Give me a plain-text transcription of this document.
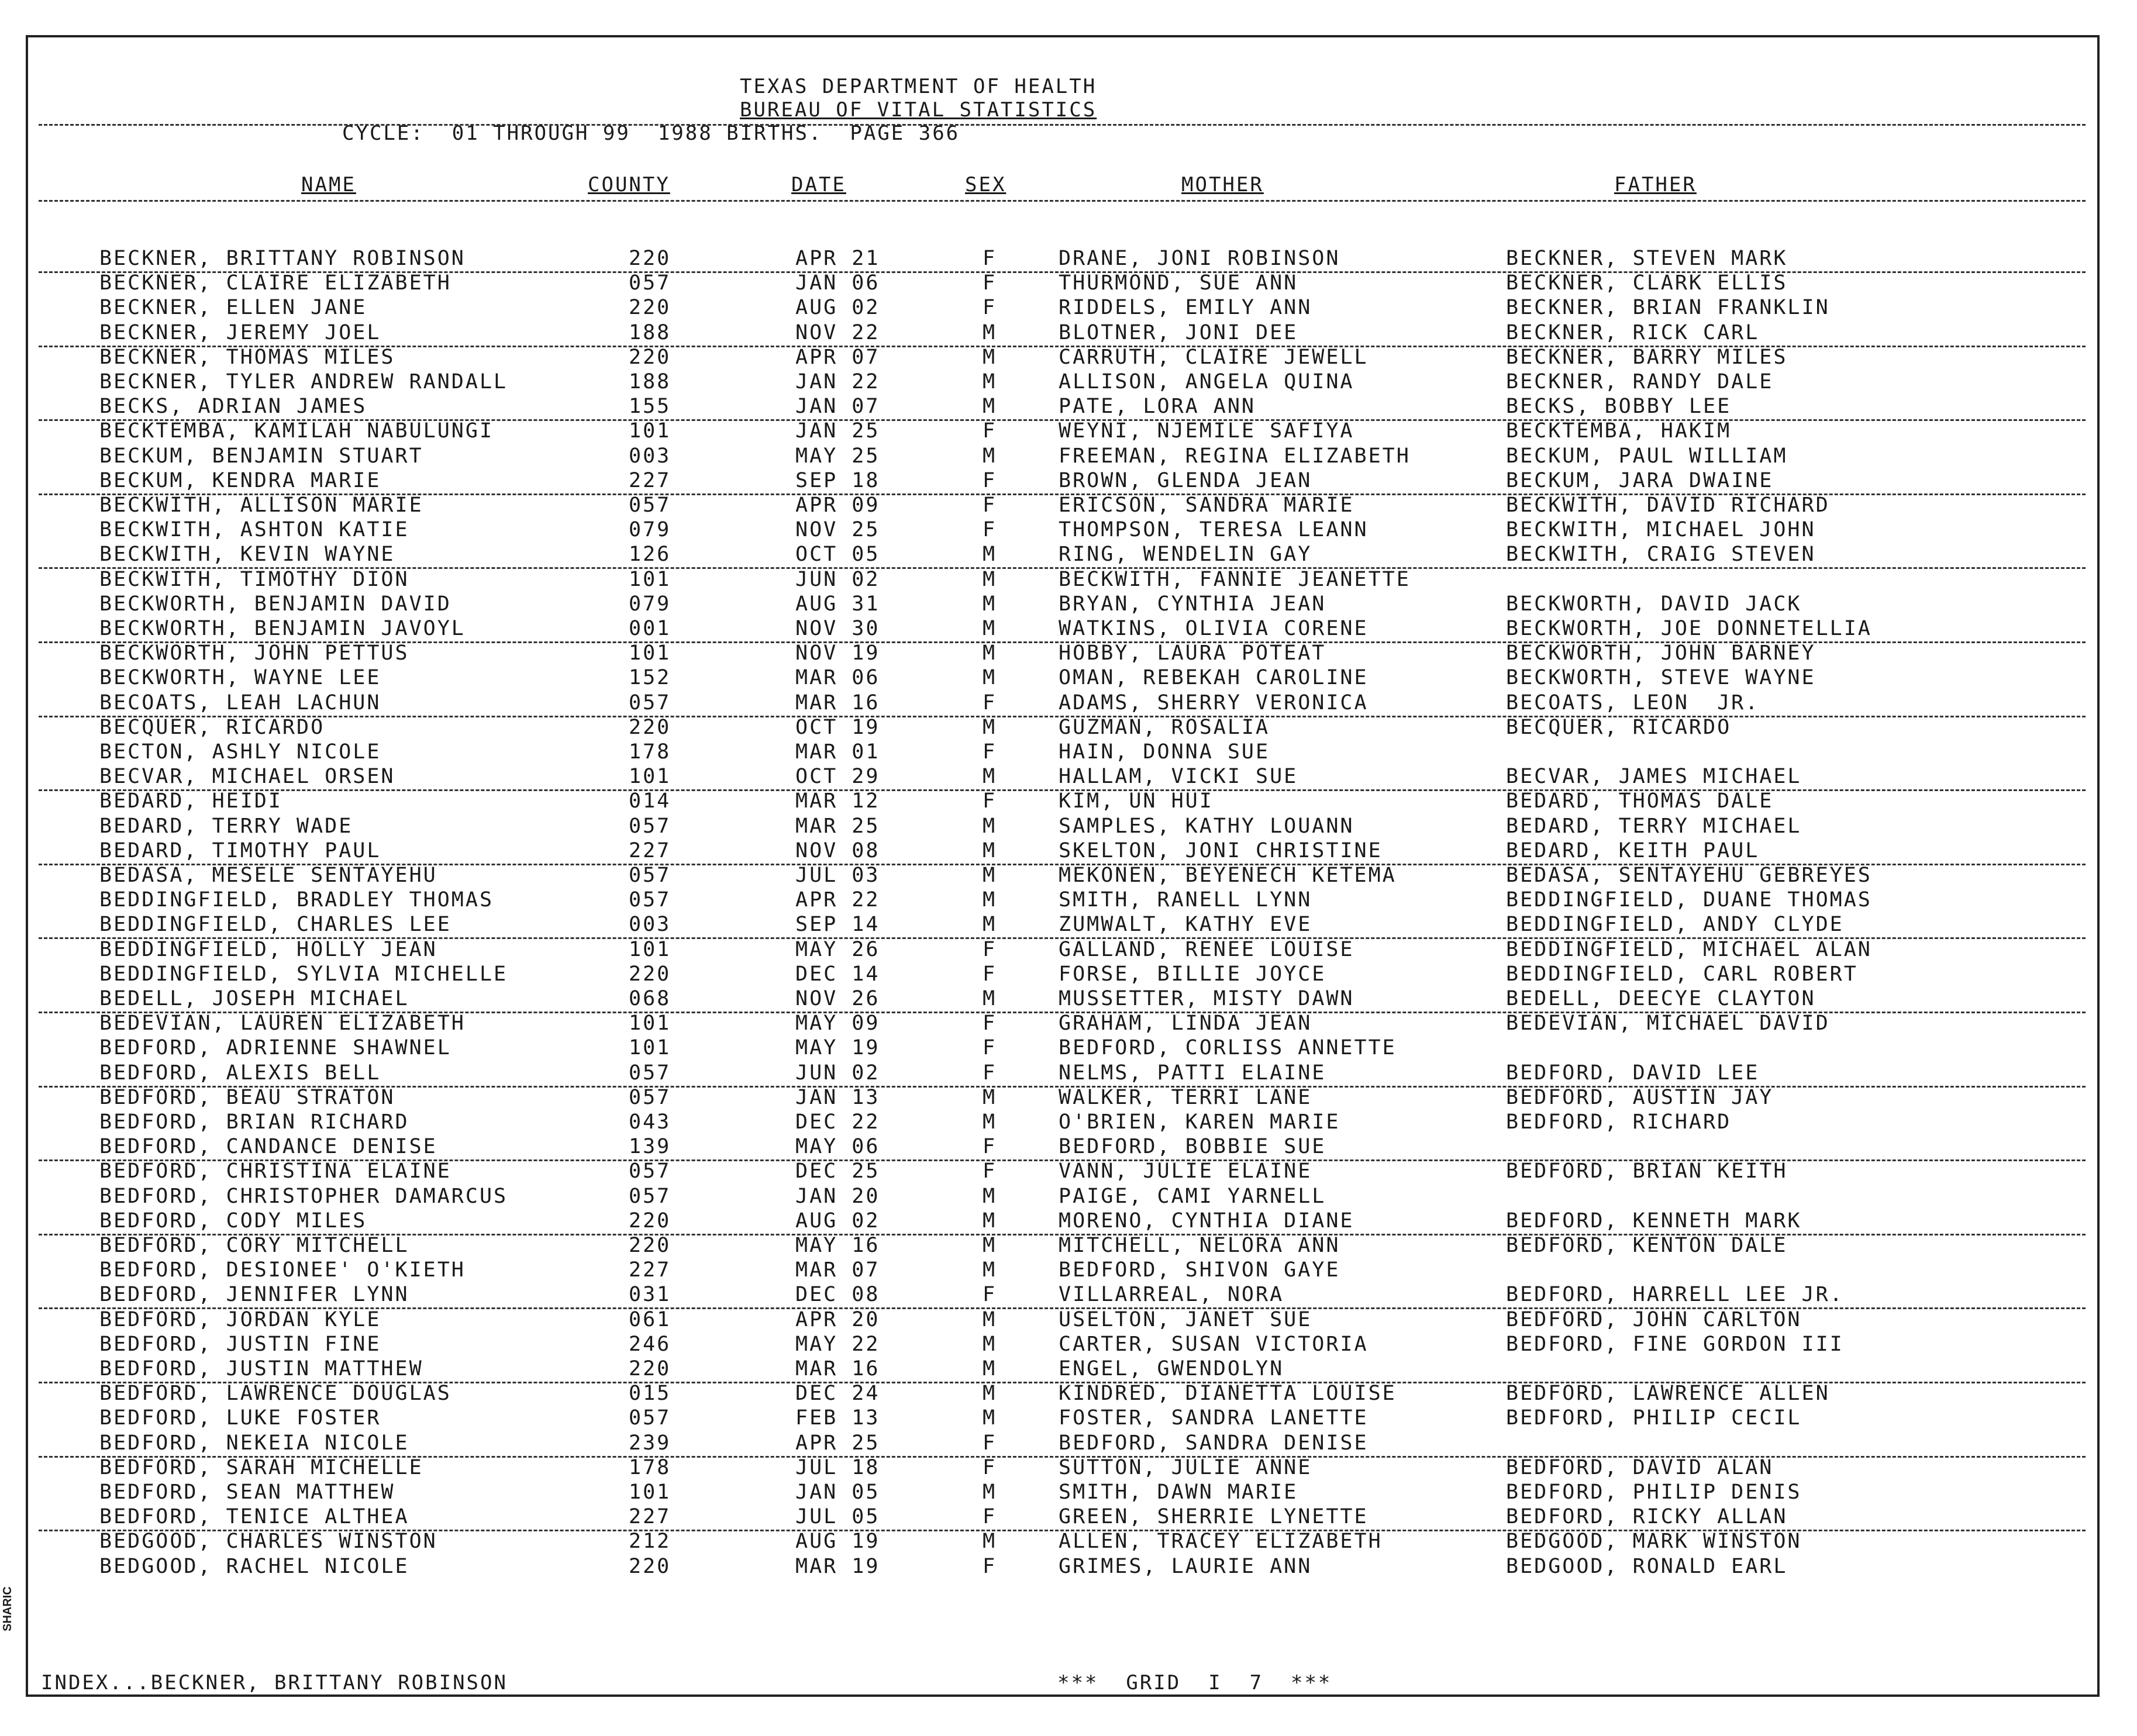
TEXAS DEPARTMENT OF HEALTH
BUREAU OF VITAL STATISTICS
CYCLE:  01 THROUGH 99  1988 BIRTHS.  PAGE 366
NAME	COUNTY	DATE	SEX	MOTHER	FATHER
BECKNER, BRITTANY ROBINSON	220	APR 21	F	DRANE, JONI ROBINSON	BECKNER, STEVEN MARK
BECKNER, CLAIRE ELIZABETH	057	JAN 06	F	THURMOND, SUE ANN	BECKNER, CLARK ELLIS
BECKNER, ELLEN JANE	220	AUG 02	F	RIDDELS, EMILY ANN	BECKNER, BRIAN FRANKLIN
BECKNER, JEREMY JOEL	188	NOV 22	M	BLOTNER, JONI DEE	BECKNER, RICK CARL
BECKNER, THOMAS MILES	220	APR 07	M	CARRUTH, CLAIRE JEWELL	BECKNER, BARRY MILES
BECKNER, TYLER ANDREW RANDALL	188	JAN 22	M	ALLISON, ANGELA QUINA	BECKNER, RANDY DALE
BECKS, ADRIAN JAMES	155	JAN 07	M	PATE, LORA ANN	BECKS, BOBBY LEE
BECKTEMBA, KAMILAH NABULUNGI	101	JAN 25	F	WEYNI, NJEMILE SAFIYA	BECKTEMBA, HAKIM
BECKUM, BENJAMIN STUART	003	MAY 25	M	FREEMAN, REGINA ELIZABETH	BECKUM, PAUL WILLIAM
BECKUM, KENDRA MARIE	227	SEP 18	F	BROWN, GLENDA JEAN	BECKUM, JARA DWAINE
BECKWITH, ALLISON MARIE	057	APR 09	F	ERICSON, SANDRA MARIE	BECKWITH, DAVID RICHARD
BECKWITH, ASHTON KATIE	079	NOV 25	F	THOMPSON, TERESA LEANN	BECKWITH, MICHAEL JOHN
BECKWITH, KEVIN WAYNE	126	OCT 05	M	RING, WENDELIN GAY	BECKWITH, CRAIG STEVEN
BECKWITH, TIMOTHY DION	101	JUN 02	M	BECKWITH, FANNIE JEANETTE
BECKWORTH, BENJAMIN DAVID	079	AUG 31	M	BRYAN, CYNTHIA JEAN	BECKWORTH, DAVID JACK
BECKWORTH, BENJAMIN JAVOYL	001	NOV 30	M	WATKINS, OLIVIA CORENE	BECKWORTH, JOE DONNETELLIA
BECKWORTH, JOHN PETTUS	101	NOV 19	M	HOBBY, LAURA POTEAT	BECKWORTH, JOHN BARNEY
BECKWORTH, WAYNE LEE	152	MAR 06	M	OMAN, REBEKAH CAROLINE	BECKWORTH, STEVE WAYNE
BECOATS, LEAH LACHUN	057	MAR 16	F	ADAMS, SHERRY VERONICA	BECOATS, LEON  JR.
BECQUER, RICARDO	220	OCT 19	M	GUZMAN, ROSALIA	BECQUER, RICARDO
BECTON, ASHLY NICOLE	178	MAR 01	F	HAIN, DONNA SUE
BECVAR, MICHAEL ORSEN	101	OCT 29	M	HALLAM, VICKI SUE	BECVAR, JAMES MICHAEL
BEDARD, HEIDI	014	MAR 12	F	KIM, UN HUI	BEDARD, THOMAS DALE
BEDARD, TERRY WADE	057	MAR 25	M	SAMPLES, KATHY LOUANN	BEDARD, TERRY MICHAEL
BEDARD, TIMOTHY PAUL	227	NOV 08	M	SKELTON, JONI CHRISTINE	BEDARD, KEITH PAUL
BEDASA, MESELE SENTAYEHU	057	JUL 03	M	MEKONEN, BEYENECH KETEMA	BEDASA, SENTAYEHU GEBREYES
BEDDINGFIELD, BRADLEY THOMAS	057	APR 22	M	SMITH, RANELL LYNN	BEDDINGFIELD, DUANE THOMAS
BEDDINGFIELD, CHARLES LEE	003	SEP 14	M	ZUMWALT, KATHY EVE	BEDDINGFIELD, ANDY CLYDE
BEDDINGFIELD, HOLLY JEAN	101	MAY 26	F	GALLAND, RENEE LOUISE	BEDDINGFIELD, MICHAEL ALAN
BEDDINGFIELD, SYLVIA MICHELLE	220	DEC 14	F	FORSE, BILLIE JOYCE	BEDDINGFIELD, CARL ROBERT
BEDELL, JOSEPH MICHAEL	068	NOV 26	M	MUSSETTER, MISTY DAWN	BEDELL, DEECYE CLAYTON
BEDEVIAN, LAUREN ELIZABETH	101	MAY 09	F	GRAHAM, LINDA JEAN	BEDEVIAN, MICHAEL DAVID
BEDFORD, ADRIENNE SHAWNEL	101	MAY 19	F	BEDFORD, CORLISS ANNETTE
BEDFORD, ALEXIS BELL	057	JUN 02	F	NELMS, PATTI ELAINE	BEDFORD, DAVID LEE
BEDFORD, BEAU STRATON	057	JAN 13	M	WALKER, TERRI LANE	BEDFORD, AUSTIN JAY
BEDFORD, BRIAN RICHARD	043	DEC 22	M	O'BRIEN, KAREN MARIE	BEDFORD, RICHARD
BEDFORD, CANDANCE DENISE	139	MAY 06	F	BEDFORD, BOBBIE SUE
BEDFORD, CHRISTINA ELAINE	057	DEC 25	F	VANN, JULIE ELAINE	BEDFORD, BRIAN KEITH
BEDFORD, CHRISTOPHER DAMARCUS	057	JAN 20	M	PAIGE, CAMI YARNELL
BEDFORD, CODY MILES	220	AUG 02	M	MORENO, CYNTHIA DIANE	BEDFORD, KENNETH MARK
BEDFORD, CORY MITCHELL	220	MAY 16	M	MITCHELL, NELORA ANN	BEDFORD, KENTON DALE
BEDFORD, DESIONEE' O'KIETH	227	MAR 07	M	BEDFORD, SHIVON GAYE
BEDFORD, JENNIFER LYNN	031	DEC 08	F	VILLARREAL, NORA	BEDFORD, HARRELL LEE JR.
BEDFORD, JORDAN KYLE	061	APR 20	M	USELTON, JANET SUE	BEDFORD, JOHN CARLTON
BEDFORD, JUSTIN FINE	246	MAY 22	M	CARTER, SUSAN VICTORIA	BEDFORD, FINE GORDON III
BEDFORD, JUSTIN MATTHEW	220	MAR 16	M	ENGEL, GWENDOLYN
BEDFORD, LAWRENCE DOUGLAS	015	DEC 24	M	KINDRED, DIANETTA LOUISE	BEDFORD, LAWRENCE ALLEN
BEDFORD, LUKE FOSTER	057	FEB 13	M	FOSTER, SANDRA LANETTE	BEDFORD, PHILIP CECIL
BEDFORD, NEKEIA NICOLE	239	APR 25	F	BEDFORD, SANDRA DENISE
BEDFORD, SARAH MICHELLE	178	JUL 18	F	SUTTON, JULIE ANNE	BEDFORD, DAVID ALAN
BEDFORD, SEAN MATTHEW	101	JAN 05	M	SMITH, DAWN MARIE	BEDFORD, PHILIP DENIS
BEDFORD, TENICE ALTHEA	227	JUL 05	F	GREEN, SHERRIE LYNETTE	BEDFORD, RICKY ALLAN
BEDGOOD, CHARLES WINSTON	212	AUG 19	M	ALLEN, TRACEY ELIZABETH	BEDGOOD, MARK WINSTON
BEDGOOD, RACHEL NICOLE	220	MAR 19	F	GRIMES, LAURIE ANN	BEDGOOD, RONALD EARL
INDEX...BECKNER, BRITTANY ROBINSON	***  GRID  I  7  ***
SHARIC
